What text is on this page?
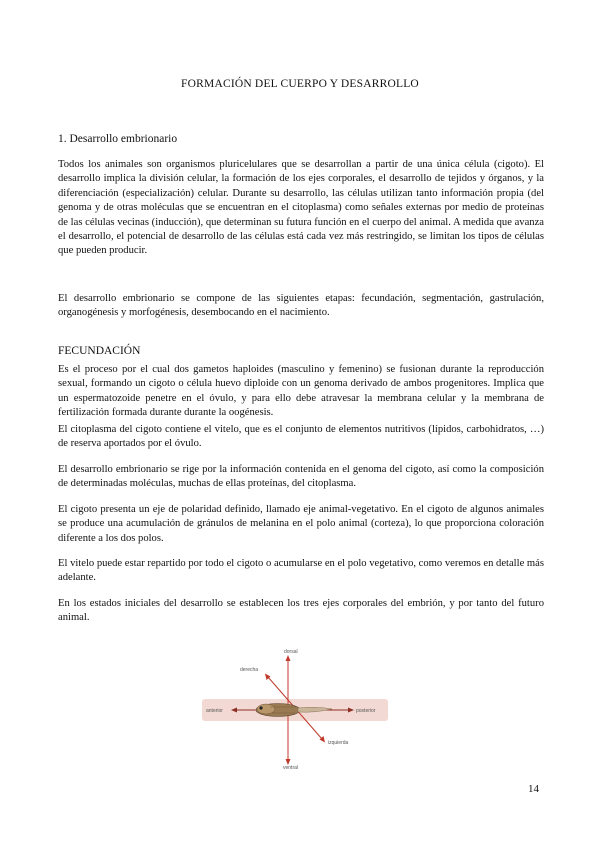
FORMACIÓN DEL CUERPO Y DESARROLLO
1. Desarrollo embrionario

Todos los animales son organismos pluricelulares que se desarrollan a partir de una única célula (cigoto). El desarrollo implica la división celular, la formación de los ejes corporales, el desarrollo de tejidos y órganos, y la diferenciación (especialización) celular. Durante su desarrollo, las células utilizan tanto información propia (del genoma y de otras moléculas que se encuentran en el citoplasma) como señales externas por medio de proteínas de las células vecinas (inducción), que determinan su futura función en el cuerpo del animal. A medida que avanza el desarrollo, el potencial de desarrollo de las células está cada vez más restringido, se limitan los tipos de células que pueden producir.

El desarrollo embrionario se compone de las siguientes etapas: fecundación, segmentación, gastrulación, organogénesis y morfogénesis, desembocando en el nacimiento.

FECUNDACIÓN

Es el proceso por el cual dos gametos haploides (masculino y femenino) se fusionan durante la reproducción sexual, formando un cigoto o célula huevo diploide con un genoma derivado de ambos progenitores. Implica que un espermatozoide penetre en el óvulo, y para ello debe atravesar la membrana celular y la membrana de fertilización formada durante durante la oogénesis.

El citoplasma del cigoto contiene el vitelo, que es el conjunto de elementos nutritivos (lípidos, carbohidratos, …) de reserva aportados por el óvulo.

El desarrollo embrionario se rige por la información contenida en el genoma del cigoto, así como la composición de determinadas moléculas, muchas de ellas proteínas, del citoplasma.

El cigoto presenta un eje de polaridad definido, llamado eje animal-vegetativo. En el cigoto de algunos animales se produce una acumulación de gránulos de melanina en el polo animal (corteza), lo que proporciona coloración diferente a los dos polos.

El vitelo puede estar repartido por todo el cigoto o acumularse en el polo vegetativo, como veremos en detalle más adelante.

En los estados iniciales del desarrollo se establecen los tres ejes corporales del embrión, y por tanto del futuro animal.

dorsal
ventral
anterior	posterior
derecha
izquierda
14
